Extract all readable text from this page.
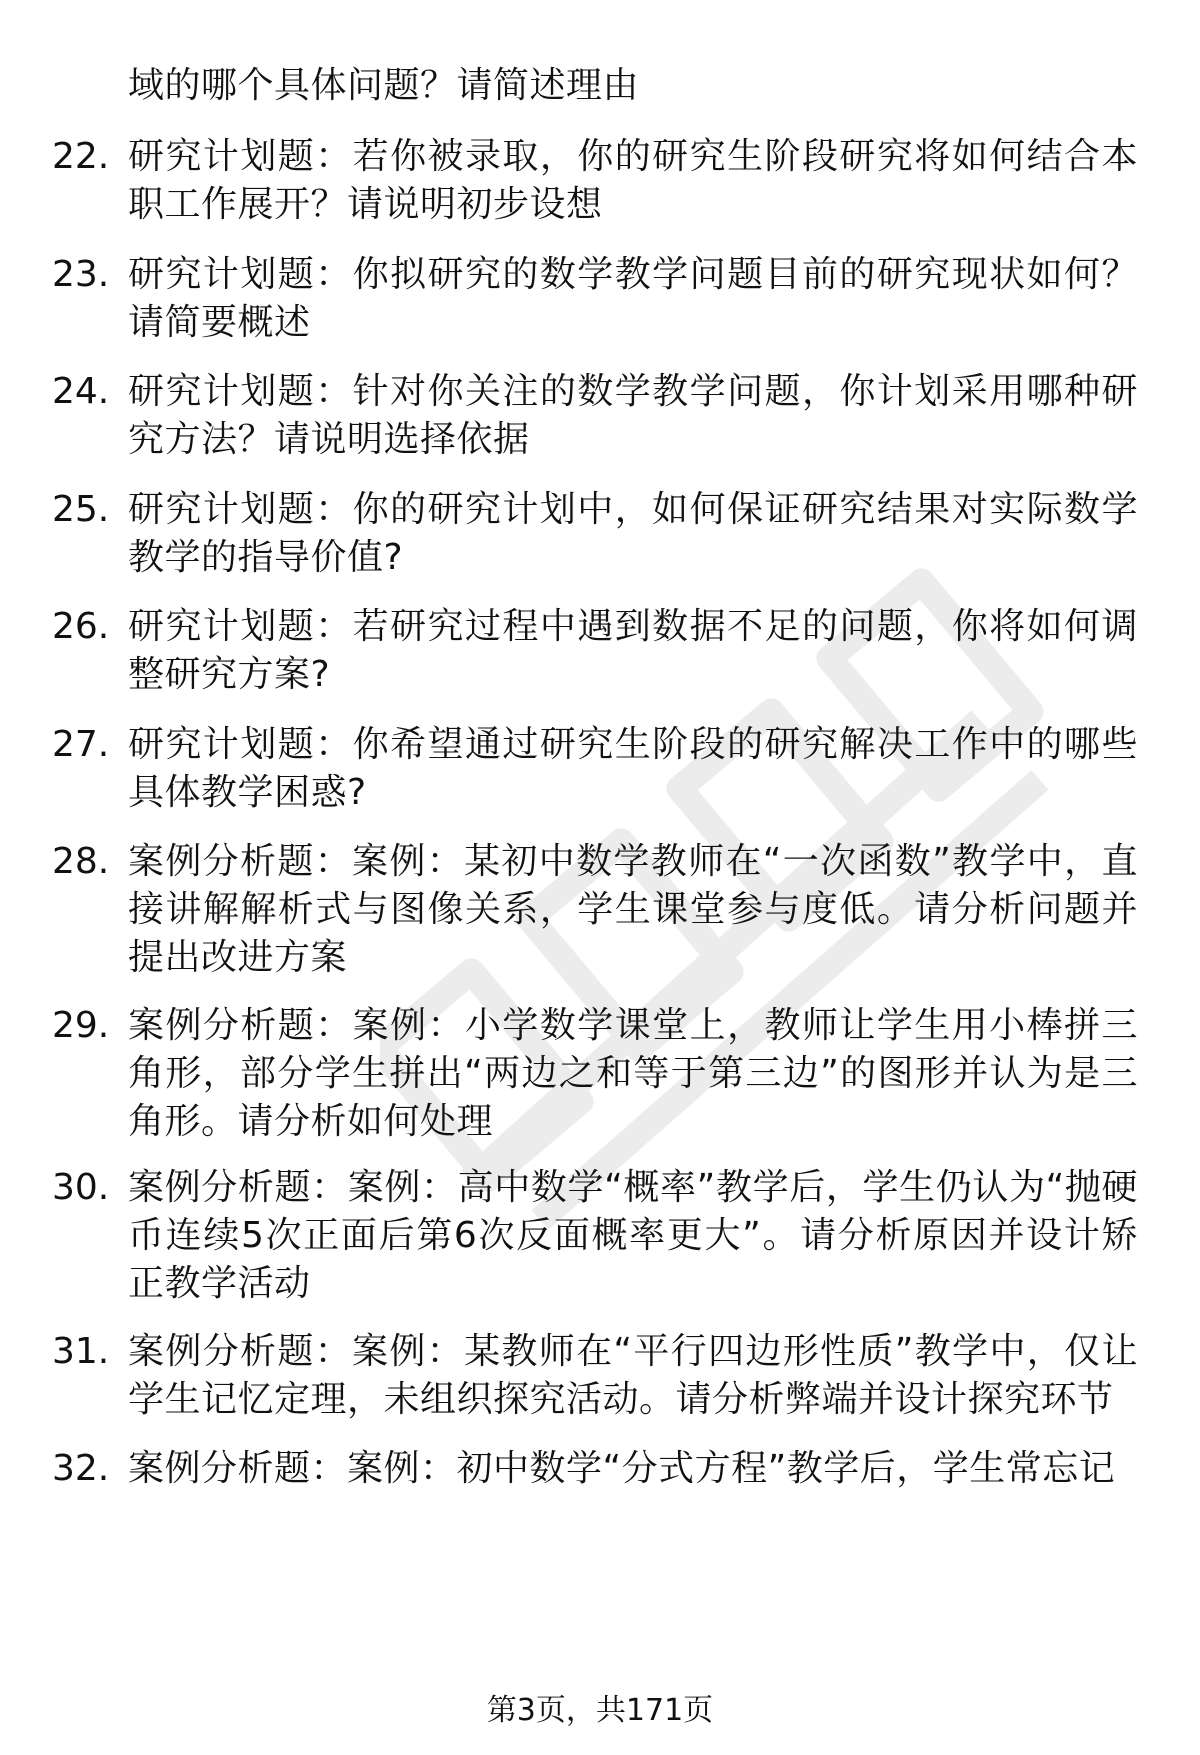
域的哪个具体问题？请简述理由
22. 研究计划题：若你被录取，你的研究生阶段研究将如何结合本职工作展开？请说明初步设想
23. 研究计划题：你拟研究的数学教学问题目前的研究现状如何？请简要概述
24. 研究计划题：针对你关注的数学教学问题，你计划采用哪种研究方法？请说明选择依据
25. 研究计划题：你的研究计划中，如何保证研究结果对实际数学教学的指导价值?
26. 研究计划题：若研究过程中遇到数据不足的问题，你将如何调整研究方案?
27. 研究计划题：你希望通过研究生阶段的研究解决工作中的哪些具体教学困惑?
28. 案例分析题：案例：某初中数学教师在“一次函数”教学中，直接讲解解析式与图像关系，学生课堂参与度低。请分析问题并提出改进方案
29. 案例分析题：案例：小学数学课堂上，教师让学生用小棒拼三角形，部分学生拼出“两边之和等于第三边”的图形并认为是三角形。请分析如何处理
30. 案例分析题：案例：高中数学“概率”教学后，学生仍认为“抛硬币连续5次正面后第6次反面概率更大”。请分析原因并设计矫正教学活动
31. 案例分析题：案例：某教师在“平行四边形性质”教学中，仅让学生记忆定理，未组织探究活动。请分析弊端并设计探究环节
32. 案例分析题：案例：初中数学“分式方程”教学后，学生常忘记
第3页，共171页
